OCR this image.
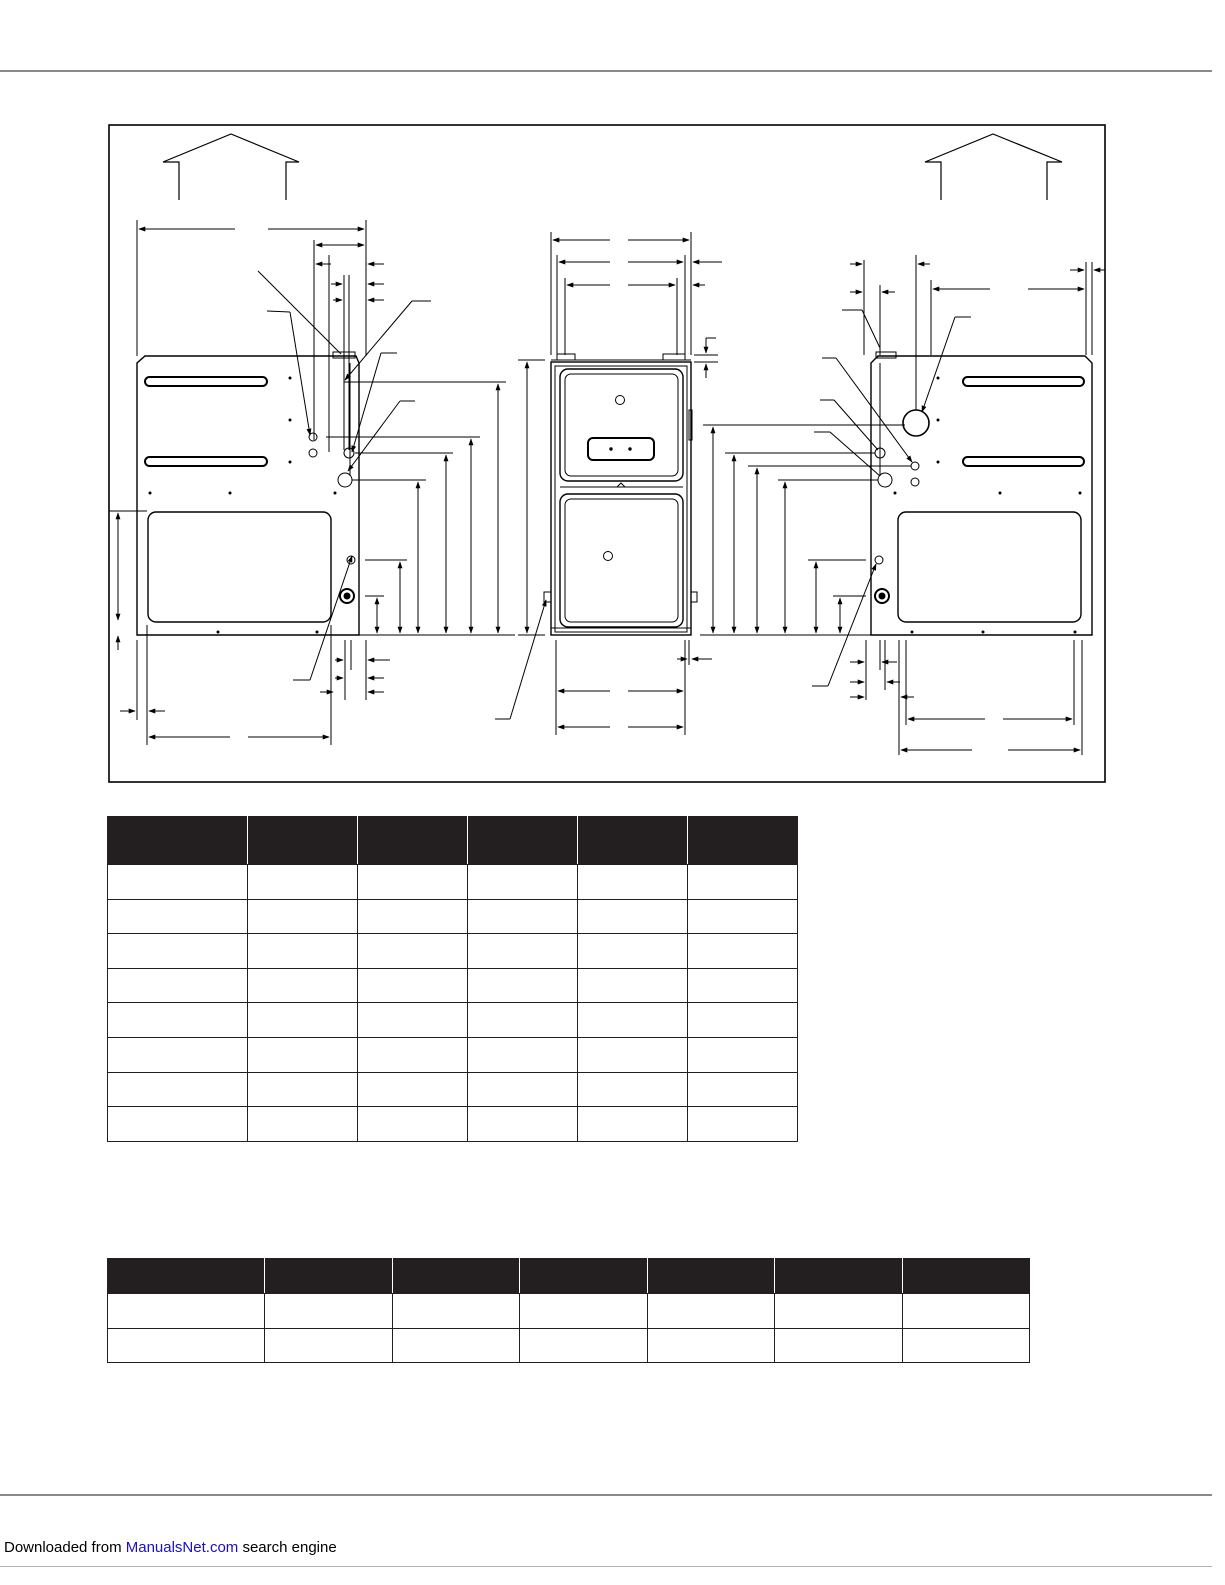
Downloaded from ManualsNet.com search engine
